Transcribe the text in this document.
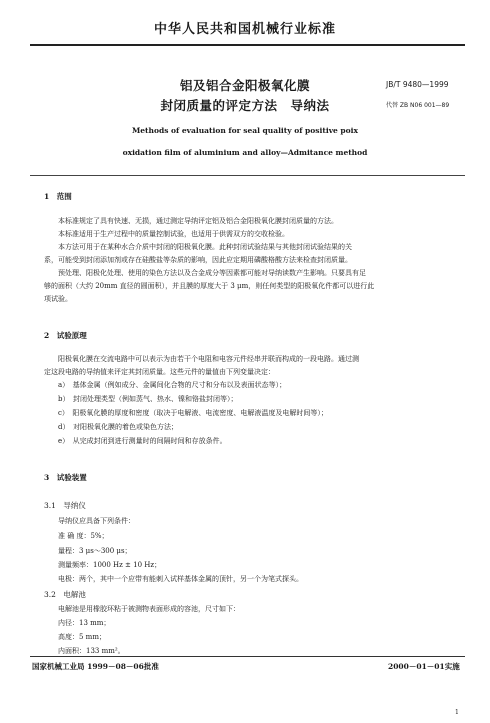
中华人民共和国机械行业标准
铝及铝合金阳极氧化膜
封闭质量的评定方法　导纳法
JB/T 9480—1999
代替 ZB N06 001—89
Methods of evaluation for seal quality of positive poix
oxidation film of aluminium and alloy—Admitance method
1　范围
本标准规定了具有快速、无损，通过测定导纳评定铝及铝合金阳极氧化膜封闭质量的方法。
本标准适用于生产过程中的质量控制试验，也适用于供需双方的交收检验。
本方法可用于在某种水合介质中封闭的阳极氧化膜。此种封闭试验结果与其他封闭试验结果的关
系，可能受到封闭添加剂或存在硅酸盐等杂质的影响，因此应定期用磷酸格酸方法来检查封闭质量。
预处理、阳极化处理、使用的染色方法以及合金成分等因素都可能对导纳读数产生影响。只要具有足
够的面积（大约 20mm 直径的圆面积），并且膜的厚度大于 3 μm，则任何类型的阳极氧化件都可以进行此
项试验。
2　试验原理
阳极氧化膜在交流电路中可以表示为由若干个电阻和电容元件经串并联而构成的一段电路。通过测
定这段电路的导纳值来评定其封闭质量。这些元件的量值由下列变量决定：
a）　基体金属（例如成分、金属间化合物的尺寸和分布以及表面状态等）；
b）　封闭处理类型（例如蒸气、热水、镍和铬盐封闭等）；
c）　阳极氧化膜的厚度和密度（取决于电解液、电流密度、电解液温度及电解时间等）；
d）　对阳极氧化膜的着色或染色方法；
e）　从完成封闭到进行测量时的间隔时间和存放条件。
3　试验装置
3.1　导纳仪
导纳仪应具备下列条件：
准 确 度：5%；
量程：3 μs～300 μs；
测量频率：1000 Hz ± 10 Hz；
电极：两个，其中一个应带有能刺入试样基体金属的顶针，另一个为笔式探头。
3.2　电解池
电解池是用橡胶环粘于被测物表面形成的容池，尺寸如下：
内径：13 mm；
高度：5 mm；
内面积：133 mm²。
国家机械工业局 1999－08－06批准	2000－01－01实施
1
